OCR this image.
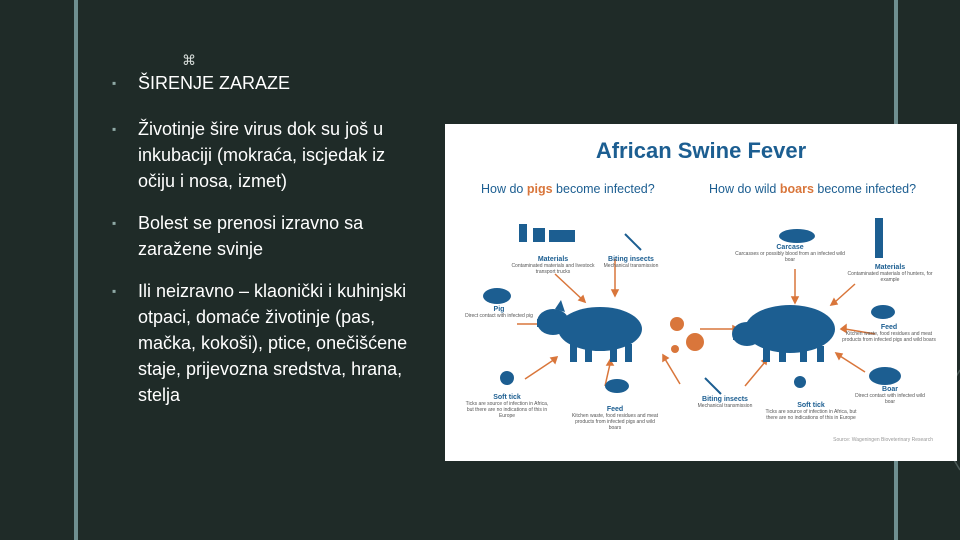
⌘
▪ ŠIRENJE ZARAZE
▪ Životinje šire virus dok su još u inkubaciji (mokraća, iscjedak iz očiju i nosa, izmet)
▪ Bolest se prenosi izravno sa zaražene svinje
▪ Ili neizravno – klaonički i kuhinjski otpaci, domaće životinje (pas, mačka, kokoši), ptice, onečišćene staje, prijevozna sredstva, hrana, stelja
African Swine Fever
How do pigs become infected?	How do wild boars become infected?
Materials
Contaminated materials and livestock transport trucks
Biting insects
Mechanical transmission
Pig
Direct contact with infected pig
Soft tick
Ticks are source of infection in Africa, but there are no indications of this in Europe
Feed
Kitchen waste, food residues and meat products from infected pigs and wild boars
Biting insects
Mechanical transmission
Carcase
Carcasses or possibly blood from an infected wild boar
Materials
Contaminated materials of hunters, for example
Feed
Kitchen waste, food residues and meat products from infected pigs and wild boars
Boar
Direct contact with infected wild boar
Soft tick
Ticks are source of infection in Africa, but there are no indications of this in Europe
Source: Wageningen Bioveterinary Research
